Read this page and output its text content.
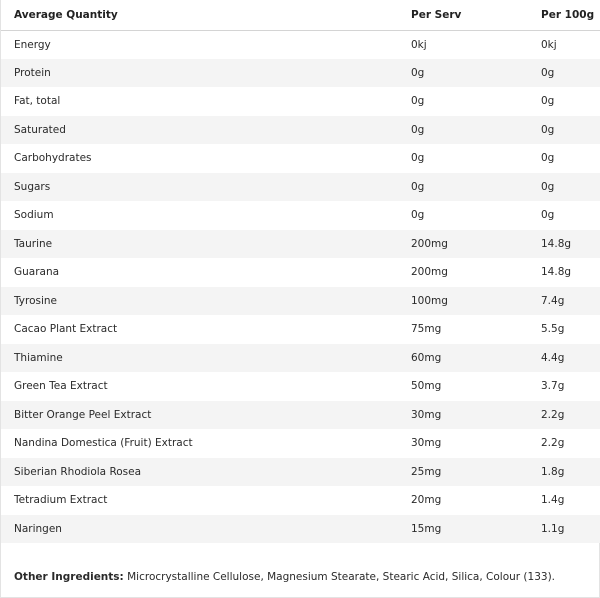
Average Quantity	Per Serv	Per 100g
Energy	0kj	0kj
Protein	0g	0g
Fat, total	0g	0g
Saturated	0g	0g
Carbohydrates	0g	0g
Sugars	0g	0g
Sodium	0g	0g
Taurine	200mg	14.8g
Guarana	200mg	14.8g
Tyrosine	100mg	7.4g
Cacao Plant Extract	75mg	5.5g
Thiamine	60mg	4.4g
Green Tea Extract	50mg	3.7g
Bitter Orange Peel Extract	30mg	2.2g
Nandina Domestica (Fruit) Extract	30mg	2.2g
Siberian Rhodiola Rosea	25mg	1.8g
Tetradium Extract	20mg	1.4g
Naringen	15mg	1.1g
Other Ingredients: Microcrystalline Cellulose, Magnesium Stearate, Stearic Acid, Silica, Colour (133).
